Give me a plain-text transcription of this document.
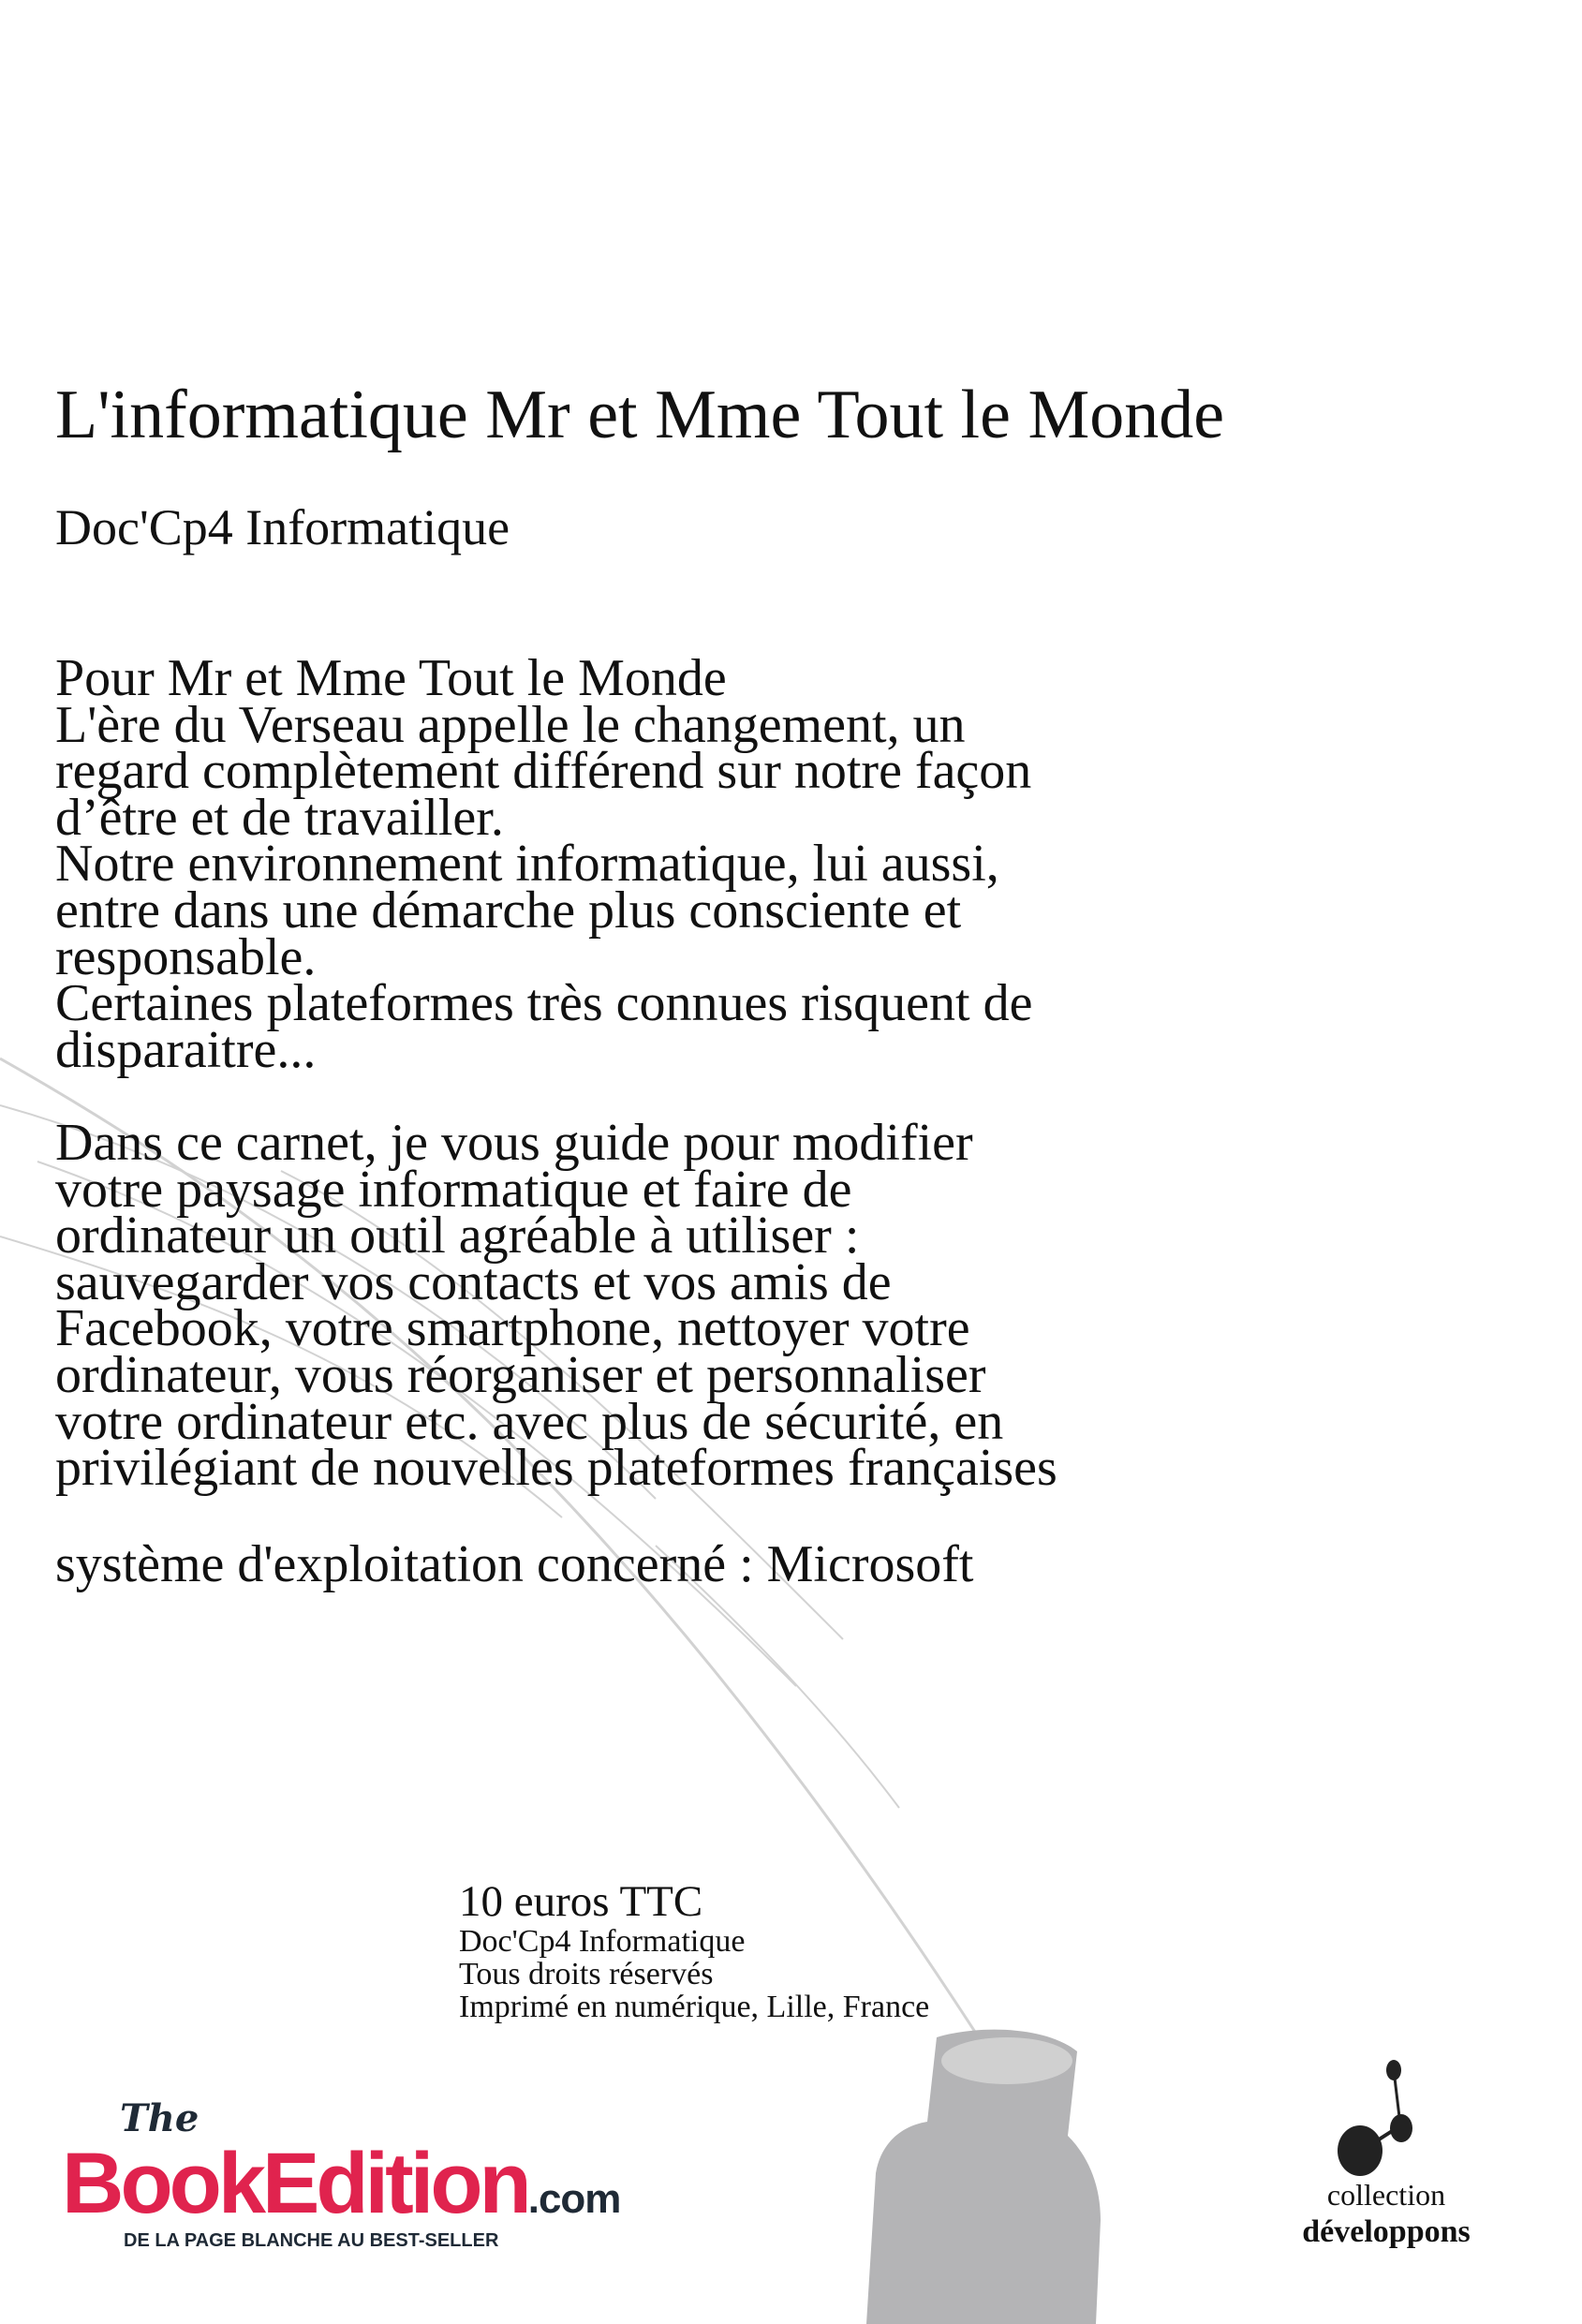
L'informatique Mr et Mme Tout le Monde
Doc'Cp4 Informatique
Pour Mr et Mme Tout le Monde
L'ère du Verseau appelle le changement, un
regard complètement différend sur notre façon
d’être et de travailler.
Notre environnement informatique, lui aussi,
entre dans une démarche plus consciente et
responsable.
Certaines plateformes très connues risquent de
disparaitre...
Dans ce carnet, je vous guide pour modifier
votre paysage informatique et faire de
ordinateur un outil agréable à utiliser :
sauvegarder vos contacts et vos amis de
Facebook, votre smartphone, nettoyer votre
ordinateur, vous réorganiser et personnaliser
votre ordinateur etc. avec plus de sécurité, en
privilégiant de nouvelles plateformes françaises
système d'exploitation concerné : Microsoft
10 euros TTC
Doc'Cp4 Informatique
Tous droits réservés
Imprimé en numérique, Lille, France
The
BookEdition.com
DE LA PAGE BLANCHE AU BEST-SELLER
collection
développons
